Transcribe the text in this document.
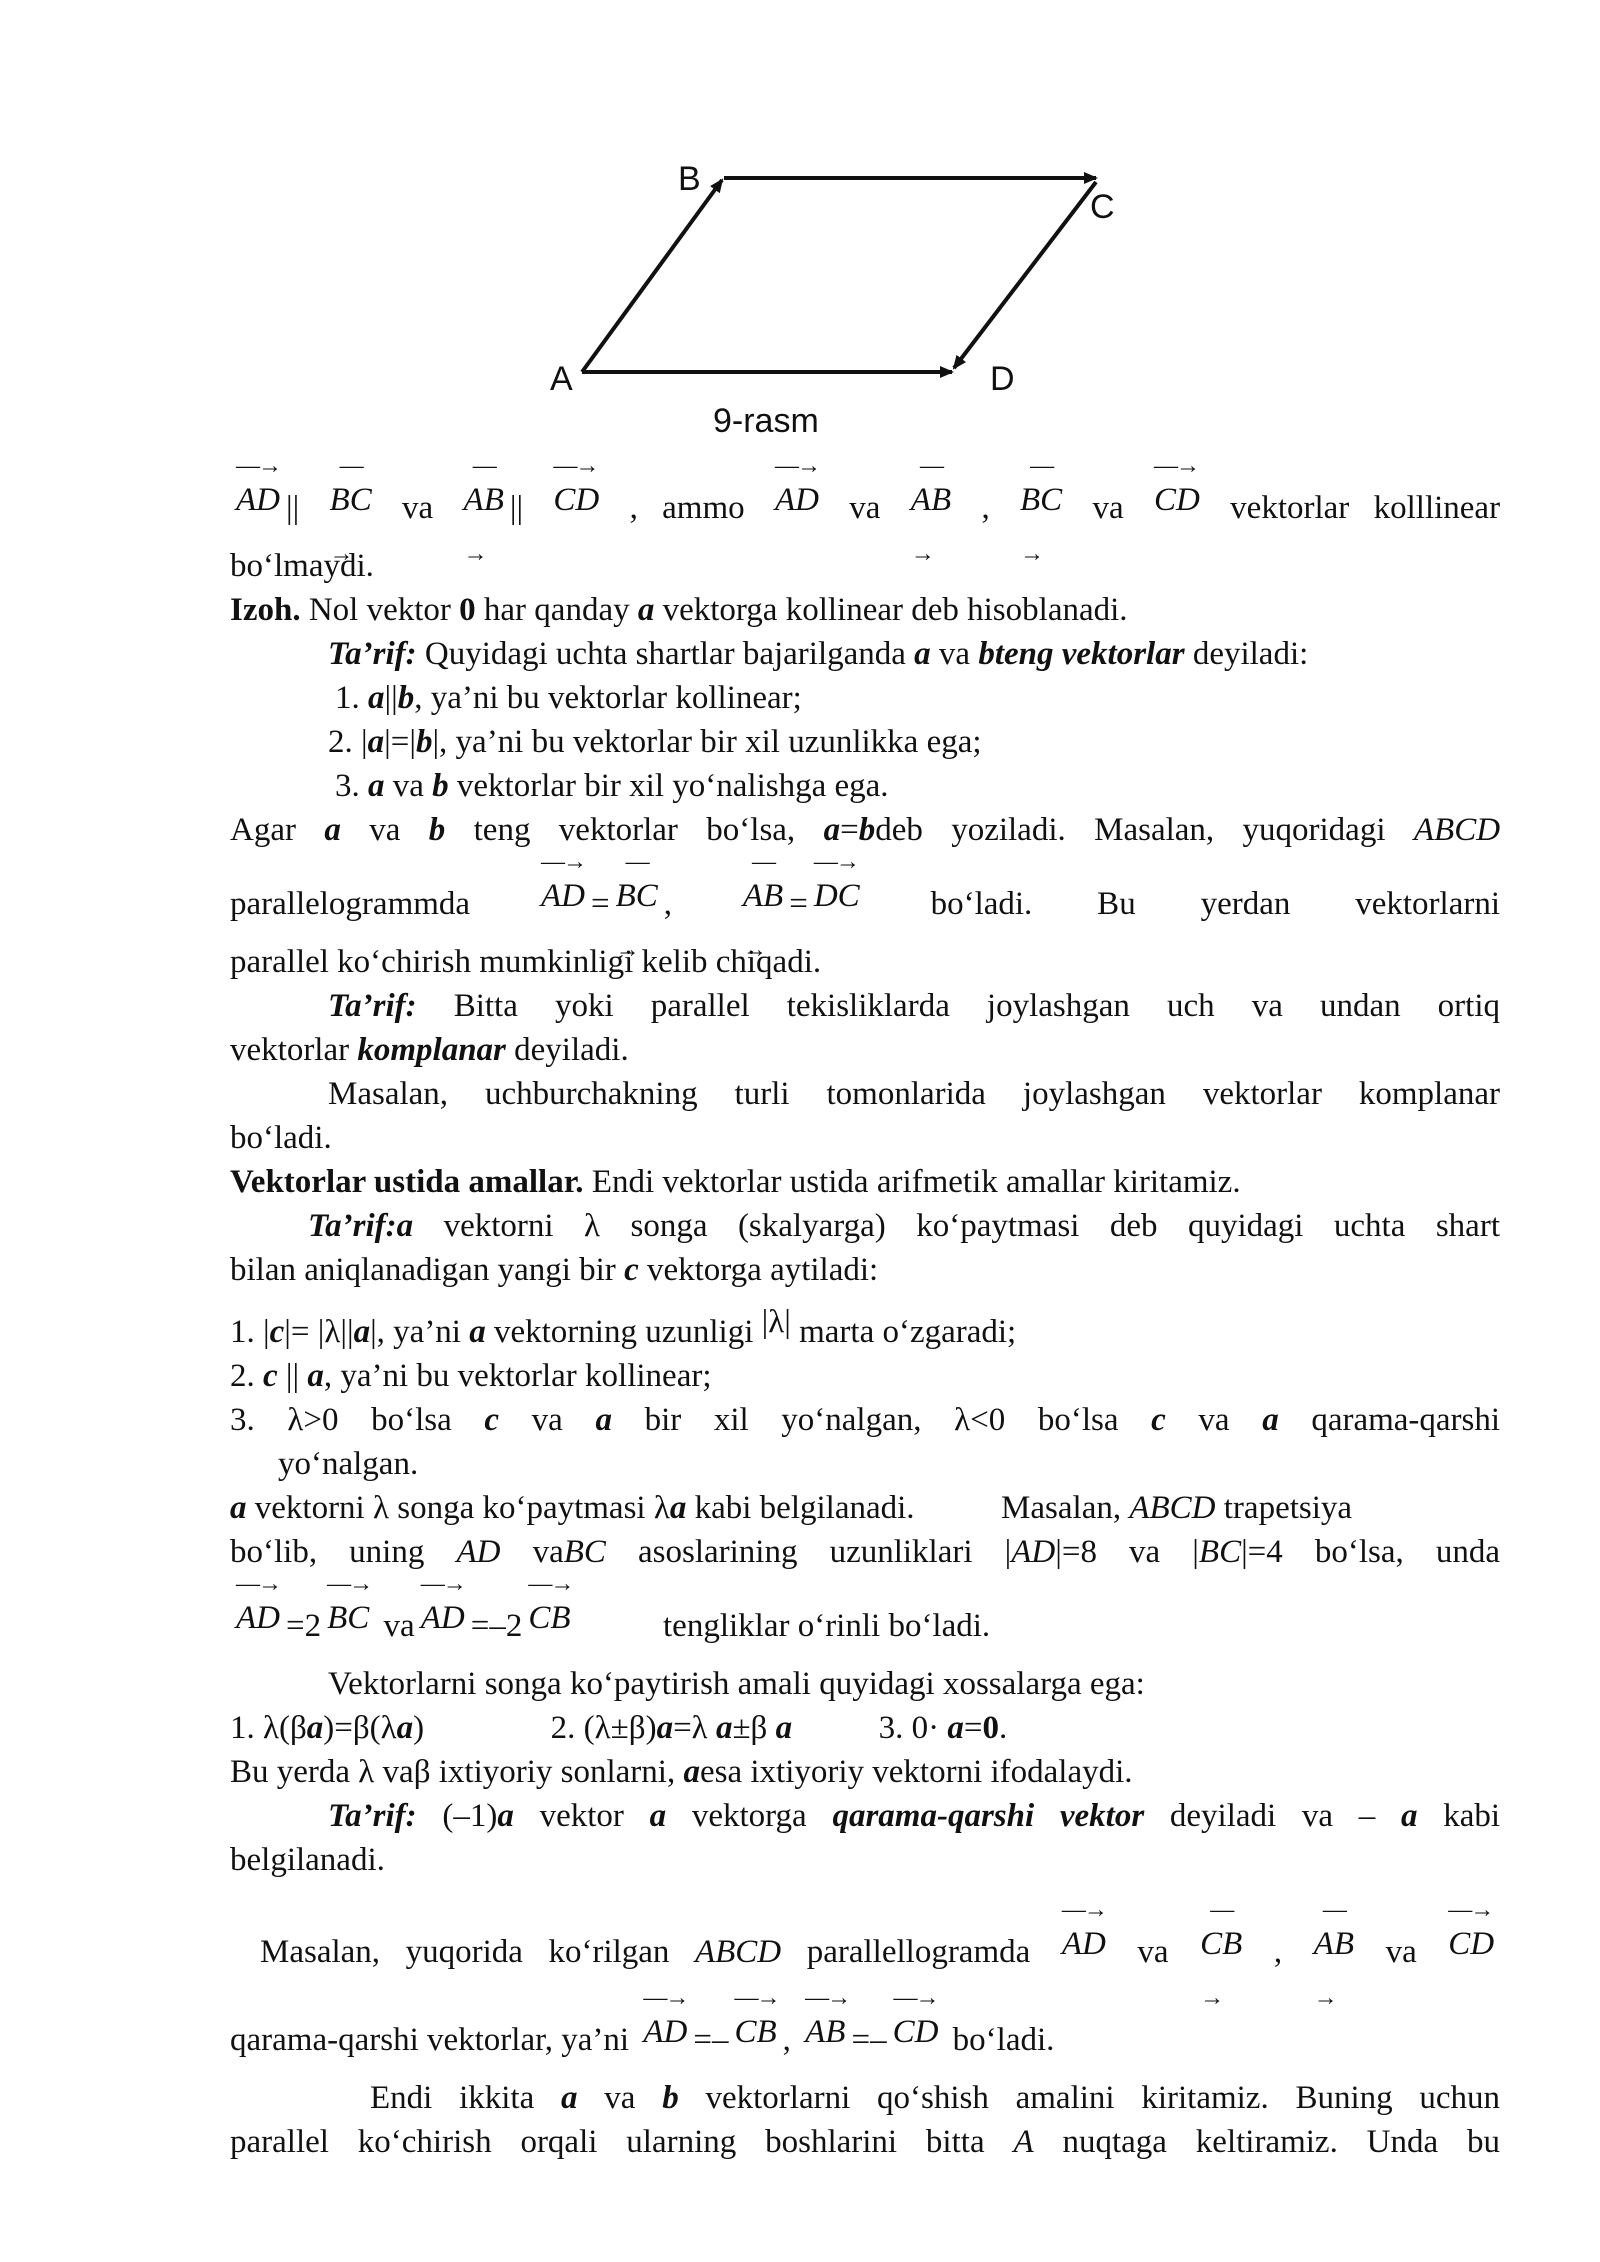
B
C
A	D
9-rasm
—→ AD || —→ BC va —→ AB || —→ CD , ammo —→ AD va —→ AB , —→ BC va —→ CD vektorlar kolllinear
bo‘lmaydi.
Izoh. Nol vektor 0 har qanday a vektorga kollinear deb hisoblanadi.
Ta’rif: Quyidagi uchta shartlar bajarilganda a va bteng vektorlar deyiladi:
1. a||b, ya’ni bu vektorlar kollinear;
2. |a|=|b|, ya’ni bu vektorlar bir xil uzunlikka ega;
3. a va b vektorlar bir xil yo‘nalishga ega.
Agar a va b teng vektorlar bo‘lsa, a=bdeb yoziladi. Masalan, yuqoridagi ABCD
parallelogrammda —→ AD = —→ BC , —→ AB = —→ DC bo‘ladi. Bu yerdan vektorlarni
parallel ko‘chirish mumkinligi kelib chiqadi.
Ta’rif: Bitta yoki parallel tekisliklarda joylashgan uch va undan ortiq
vektorlar komplanar deyiladi.
Masalan, uchburchakning turli tomonlarida joylashgan vektorlar komplanar
bo‘ladi.
Vektorlar ustida amallar. Endi vektorlar ustida arifmetik amallar kiritamiz.
Ta’rif:a vektorni λ songa (skalyarga) ko‘paytmasi deb quyidagi uchta shart
bilan aniqlanadigan yangi bir c vektorga aytiladi:
1. |c|= |λ||a|, ya’ni a vektorning uzunligi |λ| marta o‘zgaradi;
2. c || a, ya’ni bu vektorlar kollinear;
3. λ>0 bo‘lsa c va a bir xil yo‘nalgan, λ<0 bo‘lsa c va a qarama-qarshi
yo‘nalgan.
a vektorni λ songa ko‘paytmasi λa kabi belgilanadi.	Masalan, ABCD trapetsiya
bo‘lib, uning AD vaBC asoslarining uzunliklari |AD|=8 va |BC|=4 bo‘lsa, unda
—→ AD =2 —→ BC va —→ AD =–2 —→ CB	tengliklar o‘rinli bo‘ladi.
Vektorlarni songa ko‘paytirish amali quyidagi xossalarga ega:
1. λ(βa)=β(λa)	2. (λ±β)a=λ a±β a	3. 0· a=0.
Bu yerda λ vaβ ixtiyoriy sonlarni, aesa ixtiyoriy vektorni ifodalaydi.
Ta’rif: (–1)a vektor a vektorga qarama-qarshi vektor deyiladi va – a kabi
belgilanadi.
Masalan, yuqorida ko‘rilgan ABCD parallellogramda —→ AD va —→ CB , —→ AB va —→ CD
qarama-qarshi vektorlar, ya’ni —→ AD =– —→ CB , —→ AB =– —→ CD bo‘ladi.
Endi ikkita a va b vektorlarni qo‘shish amalini kiritamiz. Buning uchun
parallel ko‘chirish orqali ularning boshlarini bitta A nuqtaga keltiramiz. Unda bu
